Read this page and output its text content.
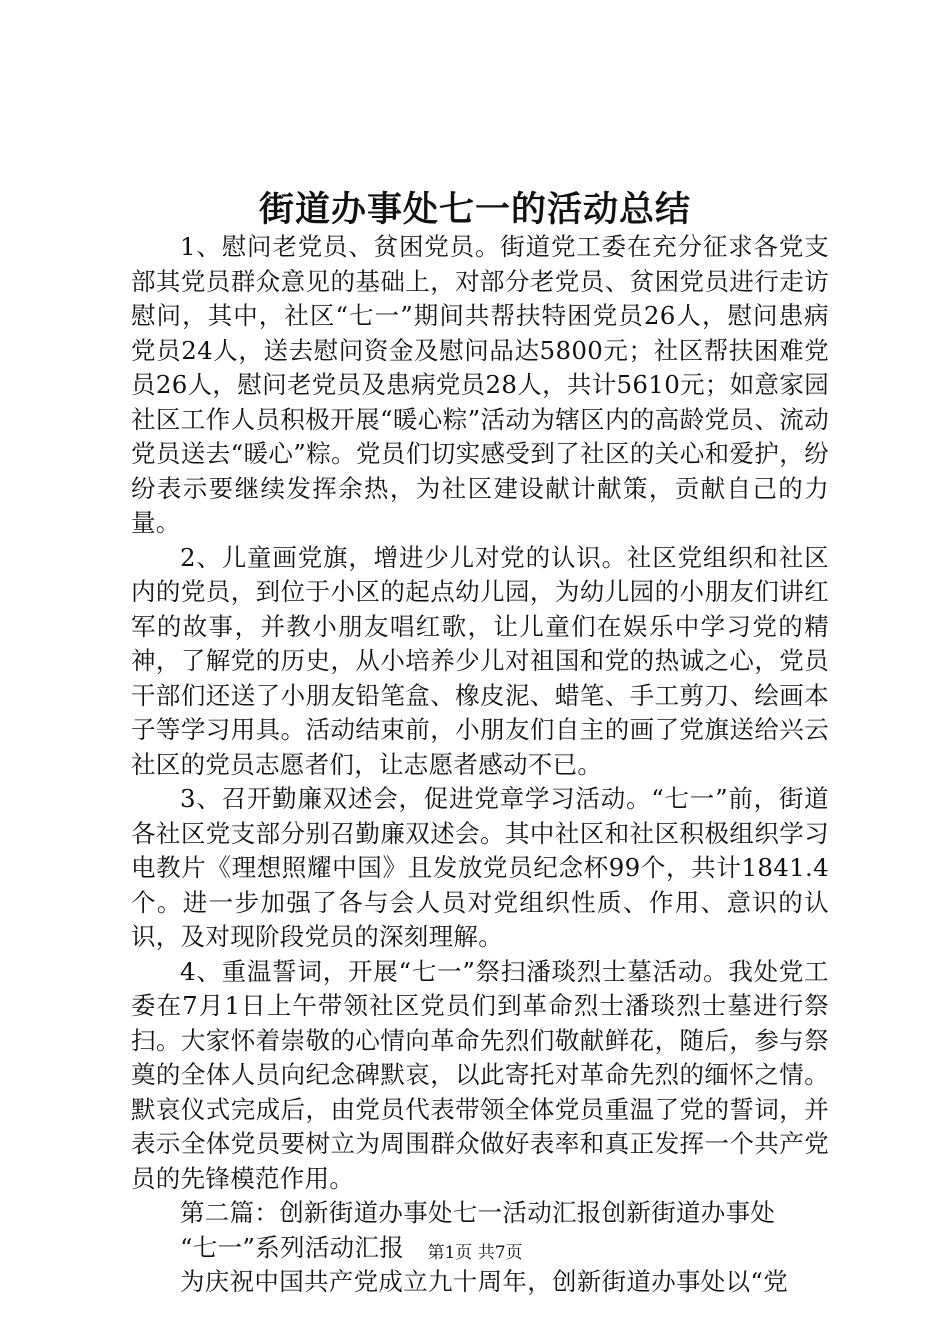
街道办事处七一的活动总结

1、慰问老党员、贫困党员。街道党工委在充分征求各党支部其党员群众意见的基础上，对部分老党员、贫困党员进行走访慰问，其中，社区“七一”期间共帮扶特困党员26人，慰问患病党员24人，送去慰问资金及慰问品达5800元；社区帮扶困难党员26人，慰问老党员及患病党员28人，共计5610元；如意家园社区工作人员积极开展“暖心粽”活动为辖区内的高龄党员、流动党员送去“暖心”粽。党员们切实感受到了社区的关心和爱护，纷纷表示要继续发挥余热，为社区建设献计献策，贡献自己的力量。

2、儿童画党旗，增进少儿对党的认识。社区党组织和社区内的党员，到位于小区的起点幼儿园，为幼儿园的小朋友们讲红军的故事，并教小朋友唱红歌，让儿童们在娱乐中学习党的精神，了解党的历史，从小培养少儿对祖国和党的热诚之心，党员干部们还送了小朋友铅笔盒、橡皮泥、蜡笔、手工剪刀、绘画本子等学习用具。活动结束前，小朋友们自主的画了党旗送给兴云社区的党员志愿者们，让志愿者感动不已。

3、召开勤廉双述会，促进党章学习活动。“七一”前，街道各社区党支部分别召勤廉双述会。其中社区和社区积极组织学习电教片《理想照耀中国》且发放党员纪念杯99个，共计1841.4个。进一步加强了各与会人员对党组织性质、作用、意识的认识，及对现阶段党员的深刻理解。

4、重温誓词，开展“七一”祭扫潘琰烈士墓活动。我处党工委在7月1日上午带领社区党员们到革命烈士潘琰烈士墓进行祭扫。大家怀着崇敬的心情向革命先烈们敬献鲜花，随后，参与祭奠的全体人员向纪念碑默哀，以此寄托对革命先烈的缅怀之情。默哀仪式完成后，由党员代表带领全体党员重温了党的誓词，并表示全体党员要树立为周围群众做好表率和真正发挥一个共产党员的先锋模范作用。

第二篇：创新街道办事处七一活动汇报创新街道办事处

“七一”系列活动汇报

为庆祝中国共产党成立九十周年，创新街道办事处以“党

第1页 共7页
